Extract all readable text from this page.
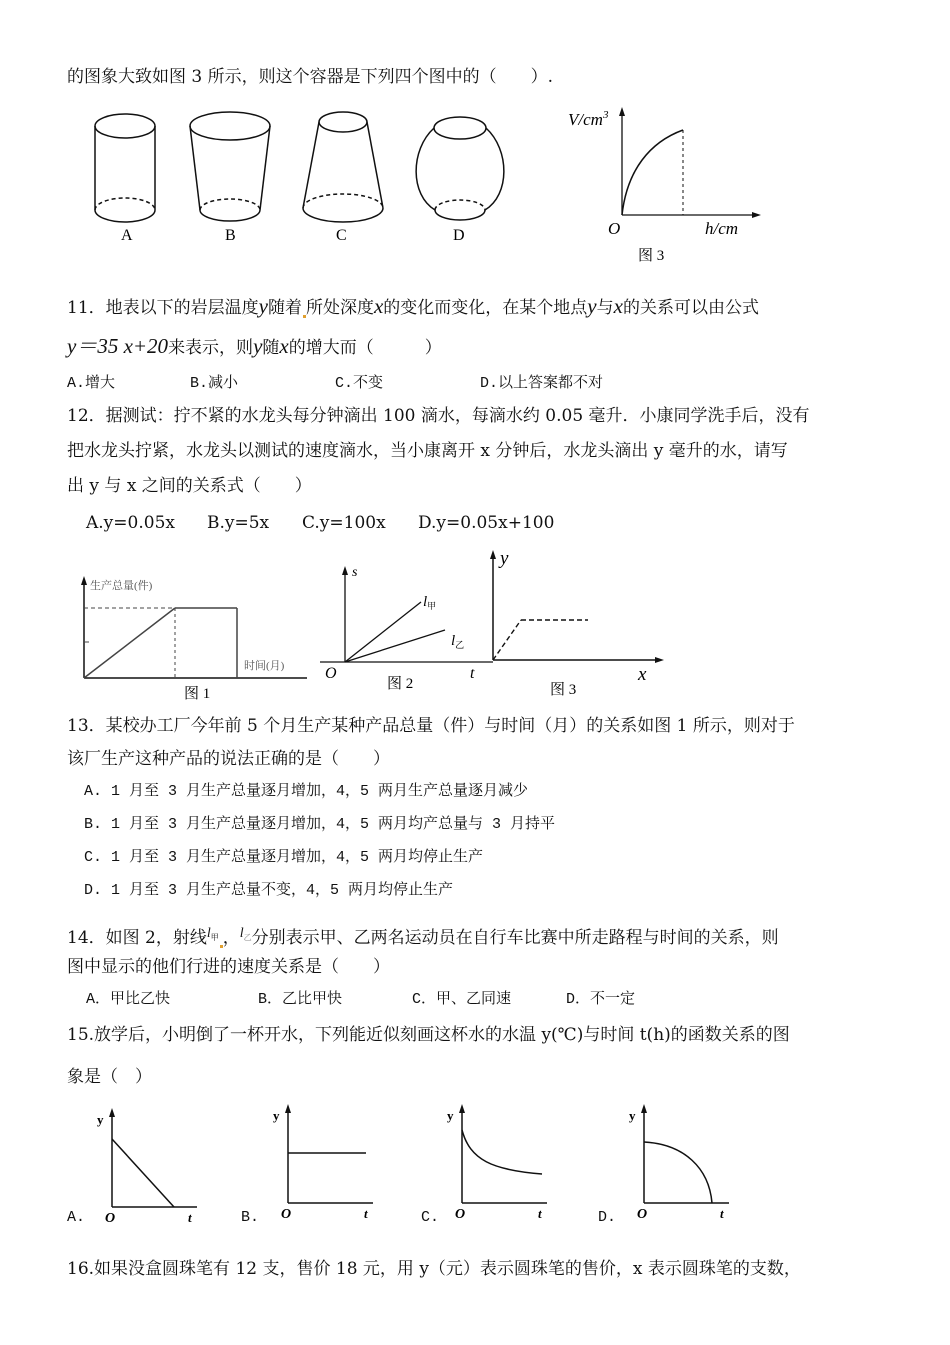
的图象大致如图 3 所示，则这个容器是下列四个图中的（　　）.
A	B	C	D
$V/cm^3$
O	h/cm
图 3
11．地表以下的岩层温度y随着 所处深度x的变化而变化，在某个地点y与x的关系可以由公式
y＝35 x+20来表示，则y随x的增大而（　　　）
A.增大	B.减小	C.不变	D.以上答案都不对
12．据测试：拧不紧的水龙头每分钟滴出 100 滴水，每滴水约 0.05 毫升．小康同学洗手后，没有
把水龙头拧紧，水龙头以测试的速度滴水，当小康离开 x 分钟后，水龙头滴出 y 毫升的水，请写
出 y 与 x 之间的关系式（　　）
A.y=0.05x B.y=5x C.y=100x D.y=0.05x+100
生产总量(件)
时间(月)
图 1
s
O	t
$l_甲$
$l_乙$
图 2
y
x
图 3
13．某校办工厂今年前 5 个月生产某种产品总量（件）与时间（月）的关系如图 1 所示，则对于
该厂生产这种产品的说法正确的是（　　）
A. 1 月至 3 月生产总量逐月增加，4，5 两月生产总量逐月减少
B. 1 月至 3 月生产总量逐月增加，4，5 两月均产总量与 3 月持平
C. 1 月至 3 月生产总量逐月增加，4，5 两月均停止生产
D. 1 月至 3 月生产总量不变，4，5 两月均停止生产
14．如图 2，射线$^l$甲 ，$^l$乙分别表示甲、乙两名运动员在自行车比赛中所走路程与时间的关系，则
图中显示的他们行进的速度关系是（　　）
A．甲比乙快	B．乙比甲快	C．甲、乙同速	D．不一定
15.放学后，小明倒了一杯开水，下列能近似刻画这杯水的水温 y(℃)与时间 t(h)的函数关系的图
象是（　）
A.
y
O	t	B.
y
O	t	C.
y
O	t	D.
y
O	t
16.如果没盒圆珠笔有 12 支，售价 18 元，用 y（元）表示圆珠笔的售价，x 表示圆珠笔的支数，
